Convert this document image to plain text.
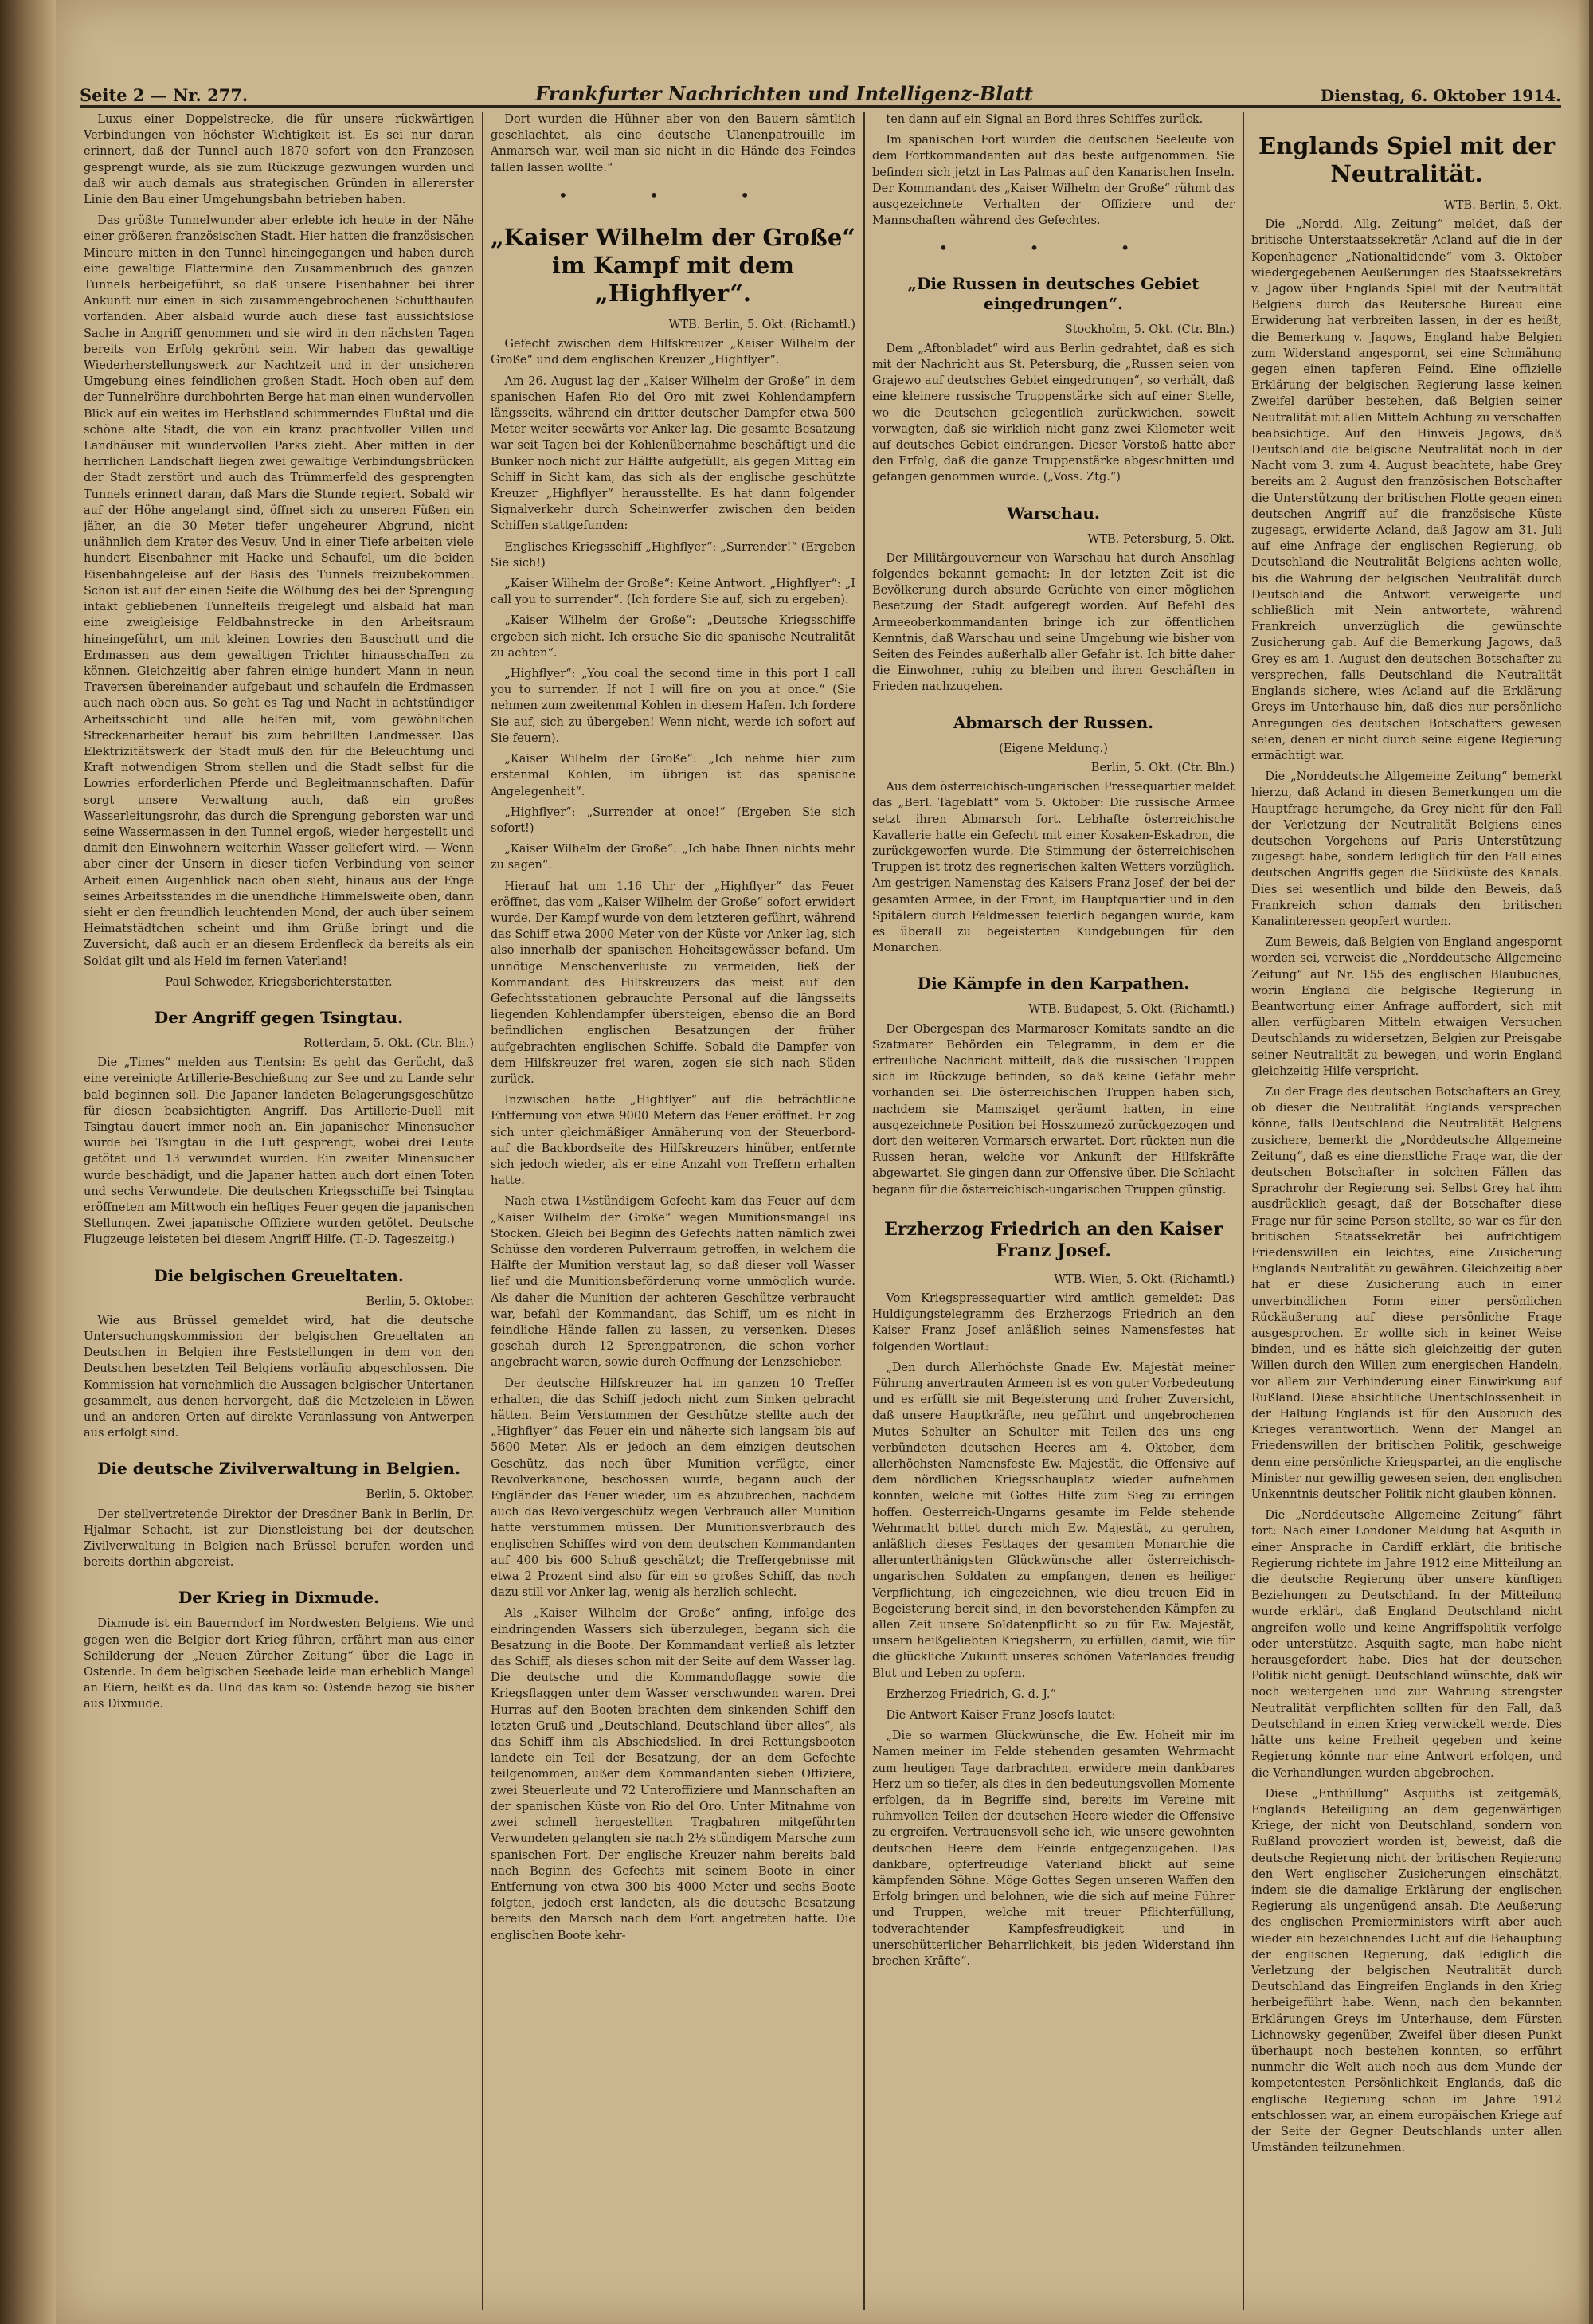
Seite 2 — Nr. 277.	Frankfurter Nachrichten und Intelligenz-Blatt	Dienstag, 6. Oktober 1914.

Luxus einer Doppelstrecke, die für unsere rückwärtigen Verbindungen von höchster Wichtigkeit ist. Es sei nur daran erinnert, daß der Tunnel auch 1870 sofort von den Franzosen gesprengt wurde, als sie zum Rückzuge gezwungen wurden und daß wir auch damals aus strategischen Gründen in allererster Linie den Bau einer Umgehungsbahn betrieben haben.

Das größte Tunnelwunder aber erlebte ich heute in der Nähe einer größeren französischen Stadt. Hier hatten die französischen Mineure mitten in den Tunnel hineingegangen und haben durch eine gewaltige Flattermine den Zusammenbruch des ganzen Tunnels herbeigeführt, so daß unsere Eisenbahner bei ihrer Ankunft nur einen in sich zusammengebrochenen Schutthaufen vorfanden. Aber alsbald wurde auch diese fast aussichtslose Sache in Angriff genommen und sie wird in den nächsten Tagen bereits von Erfolg gekrönt sein. Wir haben das gewaltige Wiederherstellungswerk zur Nachtzeit und in der unsicheren Umgebung eines feindlichen großen Stadt. Hoch oben auf dem der Tunnelröhre durchbohrten Berge hat man einen wundervollen Blick auf ein weites im Herbstland schimmerndes Flußtal und die schöne alte Stadt, die von ein kranz prachtvoller Villen und Landhäuser mit wundervollen Parks zieht. Aber mitten in der herrlichen Landschaft liegen zwei gewaltige Verbindungsbrücken der Stadt zerstört und auch das Trümmerfeld des gesprengten Tunnels erinnert daran, daß Mars die Stunde regiert. Sobald wir auf der Höhe angelangt sind, öffnet sich zu unseren Füßen ein jäher, an die 30 Meter tiefer ungeheurer Abgrund, nicht unähnlich dem Krater des Vesuv. Und in einer Tiefe arbeiten viele hundert Eisenbahner mit Hacke und Schaufel, um die beiden Eisenbahngeleise auf der Basis des Tunnels freizubekommen. Schon ist auf der einen Seite die Wölbung des bei der Sprengung intakt gebliebenen Tunnelteils freigelegt und alsbald hat man eine zweigleisige Feldbahnstrecke in den Arbeitsraum hineingeführt, um mit kleinen Lowries den Bauschutt und die Erdmassen aus dem gewaltigen Trichter hinausschaffen zu können. Gleichzeitig aber fahren einige hundert Mann in neun Traversen übereinander aufgebaut und schaufeln die Erdmassen auch nach oben aus. So geht es Tag und Nacht in achtstündiger Arbeitsschicht und alle helfen mit, vom gewöhnlichen Streckenarbeiter herauf bis zum bebrillten Landmesser. Das Elektrizitätswerk der Stadt muß den für die Beleuchtung und Kraft notwendigen Strom stellen und die Stadt selbst für die Lowries erforderlichen Pferde und Begleitmannschaften. Dafür sorgt unsere Verwaltung auch, daß ein großes Wasserleitungsrohr, das durch die Sprengung geborsten war und seine Wassermassen in den Tunnel ergoß, wieder hergestellt und damit den Einwohnern weiterhin Wasser geliefert wird. — Wenn aber einer der Unsern in dieser tiefen Verbindung von seiner Arbeit einen Augenblick nach oben sieht, hinaus aus der Enge seines Arbeitsstandes in die unendliche Himmelsweite oben, dann sieht er den freundlich leuchtenden Mond, der auch über seinem Heimatstädtchen scheint und ihm Grüße bringt und die Zuversicht, daß auch er an diesem Erdenfleck da bereits als ein Soldat gilt und als Held im fernen Vaterland!

Paul Schweder, Kriegsberichterstatter.
Der Angriff gegen Tsingtau.
Rotterdam, 5. Okt. (Ctr. Bln.)

Die „Times“ melden aus Tientsin: Es geht das Gerücht, daß eine vereinigte Artillerie-Beschießung zur See und zu Lande sehr bald beginnen soll. Die Japaner landeten Belagerungsgeschütze für diesen beabsichtigten Angriff. Das Artillerie-Duell mit Tsingtau dauert immer noch an. Ein japanischer Minensucher wurde bei Tsingtau in die Luft gesprengt, wobei drei Leute getötet und 13 verwundet wurden. Ein zweiter Minensucher wurde beschädigt, und die Japaner hatten auch dort einen Toten und sechs Verwundete. Die deutschen Kriegsschiffe bei Tsingtau eröffneten am Mittwoch ein heftiges Feuer gegen die japanischen Stellungen. Zwei japanische Offiziere wurden getötet. Deutsche Flugzeuge leisteten bei diesem Angriff Hilfe. (T.-D. Tageszeitg.)

Die belgischen Greueltaten.
Berlin, 5. Oktober.

Wie aus Brüssel gemeldet wird, hat die deutsche Untersuchungskommission der belgischen Greueltaten an Deutschen in Belgien ihre Feststellungen in dem von den Deutschen besetzten Teil Belgiens vorläufig abgeschlossen. Die Kommission hat vornehmlich die Aussagen belgischer Untertanen gesammelt, aus denen hervorgeht, daß die Metzeleien in Löwen und an anderen Orten auf direkte Veranlassung von Antwerpen aus erfolgt sind.

Die deutsche Zivilverwaltung in Belgien.
Berlin, 5. Oktober.

Der stellvertretende Direktor der Dresdner Bank in Berlin, Dr. Hjalmar Schacht, ist zur Dienstleistung bei der deutschen Zivilverwaltung in Belgien nach Brüssel berufen worden und bereits dorthin abgereist.

Der Krieg in Dixmude.

Dixmude ist ein Bauerndorf im Nordwesten Belgiens. Wie und gegen wen die Belgier dort Krieg führen, erfährt man aus einer Schilderung der „Neuen Zürcher Zeitung“ über die Lage in Ostende. In dem belgischen Seebade leide man erheblich Mangel an Eiern, heißt es da. Und das kam so: Ostende bezog sie bisher aus Dixmude.

Dort wurden die Hühner aber von den Bauern sämtlich geschlachtet, als eine deutsche Ulanenpatrouille im Anmarsch war, weil man sie nicht in die Hände des Feindes fallen lassen wollte.“

• • •
„Kaiser Wilhelm der Große“ im Kampf mit dem „Highflyer“.
WTB. Berlin, 5. Okt. (Richamtl.)

Gefecht zwischen dem Hilfskreuzer „Kaiser Wilhelm der Große“ und dem englischen Kreuzer „Highflyer“.

Am 26. August lag der „Kaiser Wilhelm der Große“ in dem spanischen Hafen Rio del Oro mit zwei Kohlendampfern längsseits, während ein dritter deutscher Dampfer etwa 500 Meter weiter seewärts vor Anker lag. Die gesamte Besatzung war seit Tagen bei der Kohlenübernahme beschäftigt und die Bunker noch nicht zur Hälfte aufgefüllt, als gegen Mittag ein Schiff in Sicht kam, das sich als der englische geschützte Kreuzer „Highflyer“ herausstellte. Es hat dann folgender Signalverkehr durch Scheinwerfer zwischen den beiden Schiffen stattgefunden:

Englisches Kriegsschiff „Highflyer“: „Surrender!“ (Ergeben Sie sich!)

„Kaiser Wilhelm der Große“: Keine Antwort. „Highflyer“: „I call you to surrender“. (Ich fordere Sie auf, sich zu ergeben).

„Kaiser Wilhelm der Große“: „Deutsche Kriegsschiffe ergeben sich nicht. Ich ersuche Sie die spanische Neutralität zu achten“.

„Highflyer“: „You coal the second time in this port I call you to surrender. If not I will fire on you at once.“ (Sie nehmen zum zweitenmal Kohlen in diesem Hafen. Ich fordere Sie auf, sich zu übergeben! Wenn nicht, werde ich sofort auf Sie feuern).

„Kaiser Wilhelm der Große“: „Ich nehme hier zum erstenmal Kohlen, im übrigen ist das spanische Angelegenheit“.

„Highflyer“: „Surrender at once!“ (Ergeben Sie sich sofort!)

„Kaiser Wilhelm der Große“: „Ich habe Ihnen nichts mehr zu sagen“.

Hierauf hat um 1.16 Uhr der „Highflyer“ das Feuer eröffnet, das vom „Kaiser Wilhelm der Große“ sofort erwidert wurde. Der Kampf wurde von dem letzteren geführt, während das Schiff etwa 2000 Meter von der Küste vor Anker lag, sich also innerhalb der spanischen Hoheitsgewässer befand. Um unnötige Menschenverluste zu vermeiden, ließ der Kommandant des Hilfskreuzers das meist auf den Gefechtsstationen gebrauchte Personal auf die längsseits liegenden Kohlendampfer übersteigen, ebenso die an Bord befindlichen englischen Besatzungen der früher aufgebrachten englischen Schiffe. Sobald die Dampfer von dem Hilfskreuzer frei waren, zogen sie sich nach Süden zurück.

Inzwischen hatte „Highflyer“ auf die beträchtliche Entfernung von etwa 9000 Metern das Feuer eröffnet. Er zog sich unter gleichmäßiger Annäherung von der Steuerbord- auf die Backbordseite des Hilfskreuzers hinüber, entfernte sich jedoch wieder, als er eine Anzahl von Treffern erhalten hatte.

Nach etwa 1½stündigem Gefecht kam das Feuer auf dem „Kaiser Wilhelm der Große“ wegen Munitionsmangel ins Stocken. Gleich bei Beginn des Gefechts hatten nämlich zwei Schüsse den vorderen Pulverraum getroffen, in welchem die Hälfte der Munition verstaut lag, so daß dieser voll Wasser lief und die Munitionsbeförderung vorne unmöglich wurde. Als daher die Munition der achteren Geschütze verbraucht war, befahl der Kommandant, das Schiff, um es nicht in feindliche Hände fallen zu lassen, zu versenken. Dieses geschah durch 12 Sprengpatronen, die schon vorher angebracht waren, sowie durch Oeffnung der Lenzschieber.

Der deutsche Hilfskreuzer hat im ganzen 10 Treffer erhalten, die das Schiff jedoch nicht zum Sinken gebracht hätten. Beim Verstummen der Geschütze stellte auch der „Highflyer“ das Feuer ein und näherte sich langsam bis auf 5600 Meter. Als er jedoch an dem einzigen deutschen Geschütz, das noch über Munition verfügte, einer Revolverkanone, beschossen wurde, begann auch der Engländer das Feuer wieder, um es abzubrechen, nachdem auch das Revolvergeschütz wegen Verbrauch aller Munition hatte verstummen müssen. Der Munitionsverbrauch des englischen Schiffes wird von dem deutschen Kommandanten auf 400 bis 600 Schuß geschätzt; die Treffergebnisse mit etwa 2 Prozent sind also für ein so großes Schiff, das noch dazu still vor Anker lag, wenig als herzlich schlecht.

Als „Kaiser Wilhelm der Große“ anfing, infolge des eindringenden Wassers sich überzulegen, begann sich die Besatzung in die Boote. Der Kommandant verließ als letzter das Schiff, als dieses schon mit der Seite auf dem Wasser lag. Die deutsche und die Kommandoflagge sowie die Kriegsflaggen unter dem Wasser verschwunden waren. Drei Hurras auf den Booten brachten dem sinkenden Schiff den letzten Gruß und „Deutschland, Deutschland über alles“, als das Schiff ihm als Abschiedslied. In drei Rettungsbooten landete ein Teil der Besatzung, der an dem Gefechte teilgenommen, außer dem Kommandanten sieben Offiziere, zwei Steuerleute und 72 Unteroffiziere und Mannschaften an der spanischen Küste von Rio del Oro. Unter Mitnahme von zwei schnell hergestellten Tragbahren mitgeführten Verwundeten gelangten sie nach 2½ stündigem Marsche zum spanischen Fort. Der englische Kreuzer nahm bereits bald nach Beginn des Gefechts mit seinem Boote in einer Entfernung von etwa 300 bis 4000 Meter und sechs Boote folgten, jedoch erst landeten, als die deutsche Besatzung bereits den Marsch nach dem Fort angetreten hatte. Die englischen Boote kehr-

ten dann auf ein Signal an Bord ihres Schiffes zurück.

Im spanischen Fort wurden die deutschen Seeleute von dem Fortkommandanten auf das beste aufgenommen. Sie befinden sich jetzt in Las Palmas auf den Kanarischen Inseln. Der Kommandant des „Kaiser Wilhelm der Große“ rühmt das ausgezeichnete Verhalten der Offiziere und der Mannschaften während des Gefechtes.

• • •
„Die Russen in deutsches Gebiet eingedrungen“.
Stockholm, 5. Okt. (Ctr. Bln.)

Dem „Aftonbladet“ wird aus Berlin gedrahtet, daß es sich mit der Nachricht aus St. Petersburg, die „Russen seien von Grajewo auf deutsches Gebiet eingedrungen“, so verhält, daß eine kleinere russische Truppenstärke sich auf einer Stelle, wo die Deutschen gelegentlich zurückwichen, soweit vorwagten, daß sie wirklich nicht ganz zwei Kilometer weit auf deutsches Gebiet eindrangen. Dieser Vorstoß hatte aber den Erfolg, daß die ganze Truppenstärke abgeschnitten und gefangen genommen wurde. („Voss. Ztg.“)

Warschau.
WTB. Petersburg, 5. Okt.

Der Militärgouverneur von Warschau hat durch Anschlag folgendes bekannt gemacht: In der letzten Zeit ist die Bevölkerung durch absurde Gerüchte von einer möglichen Besetzung der Stadt aufgeregt worden. Auf Befehl des Armeeoberkommandanten bringe ich zur öffentlichen Kenntnis, daß Warschau und seine Umgebung wie bisher von Seiten des Feindes außerhalb aller Gefahr ist. Ich bitte daher die Einwohner, ruhig zu bleiben und ihren Geschäften in Frieden nachzugehen.

Abmarsch der Russen.
(Eigene Meldung.)
Berlin, 5. Okt. (Ctr. Bln.)

Aus dem österreichisch-ungarischen Pressequartier meldet das „Berl. Tageblatt“ vom 5. Oktober: Die russische Armee setzt ihren Abmarsch fort. Lebhafte österreichische Kavallerie hatte ein Gefecht mit einer Kosaken-Eskadron, die zurückgeworfen wurde. Die Stimmung der österreichischen Truppen ist trotz des regnerischen kalten Wetters vorzüglich. Am gestrigen Namenstag des Kaisers Franz Josef, der bei der gesamten Armee, in der Front, im Hauptquartier und in den Spitälern durch Feldmessen feierlich begangen wurde, kam es überall zu begeisterten Kundgebungen für den Monarchen.

Die Kämpfe in den Karpathen.
WTB. Budapest, 5. Okt. (Richamtl.)

Der Obergespan des Marmaroser Komitats sandte an die Szatmarer Behörden ein Telegramm, in dem er die erfreuliche Nachricht mitteilt, daß die russischen Truppen sich im Rückzuge befinden, so daß keine Gefahr mehr vorhanden sei. Die österreichischen Truppen haben sich, nachdem sie Mamsziget geräumt hatten, in eine ausgezeichnete Position bei Hosszumezö zurückgezogen und dort den weiteren Vormarsch erwartet. Dort rückten nun die Russen heran, welche vor Ankunft der Hilfskräfte abgewartet. Sie gingen dann zur Offensive über. Die Schlacht begann für die österreichisch-ungarischen Truppen günstig.

Erzherzog Friedrich an den Kaiser Franz Josef.
WTB. Wien, 5. Okt. (Richamtl.)

Vom Kriegspressequartier wird amtlich gemeldet: Das Huldigungstelegramm des Erzherzogs Friedrich an den Kaiser Franz Josef anläßlich seines Namensfestes hat folgenden Wortlaut:

„Den durch Allerhöchste Gnade Ew. Majestät meiner Führung anvertrauten Armeen ist es von guter Vorbedeutung und es erfüllt sie mit Begeisterung und froher Zuversicht, daß unsere Hauptkräfte, neu geführt und ungebrochenen Mutes Schulter an Schulter mit Teilen des uns eng verbündeten deutschen Heeres am 4. Oktober, dem allerhöchsten Namensfeste Ew. Majestät, die Offensive auf dem nördlichen Kriegsschauplatz wieder aufnehmen konnten, welche mit Gottes Hilfe zum Sieg zu erringen hoffen. Oesterreich-Ungarns gesamte im Felde stehende Wehrmacht bittet durch mich Ew. Majestät, zu geruhen, anläßlich dieses Festtages der gesamten Monarchie die allerunterthänigsten Glückwünsche aller österreichisch-ungarischen Soldaten zu empfangen, denen es heiliger Verpflichtung, ich eingezeichnen, wie dieu treuen Eid in Begeisterung bereit sind, in den bevorstehenden Kämpfen zu allen Zeit unsere Soldatenpflicht so zu für Ew. Majestät, unsern heißgeliebten Kriegsherrn, zu erfüllen, damit, wie für die glückliche Zukunft unseres schönen Vaterlandes freudig Blut und Leben zu opfern.

Erzherzog Friedrich, G. d. J.“

Die Antwort Kaiser Franz Josefs lautet:

„Die so warmen Glückwünsche, die Ew. Hoheit mir im Namen meiner im Felde stehenden gesamten Wehrmacht zum heutigen Tage darbrachten, erwidere mein dankbares Herz um so tiefer, als dies in den bedeutungsvollen Momente erfolgen, da in Begriffe sind, bereits im Vereine mit ruhmvollen Teilen der deutschen Heere wieder die Offensive zu ergreifen. Vertrauensvoll sehe ich, wie unsere gewohnten deutschen Heere dem Feinde entgegenzugehen. Das dankbare, opferfreudige Vaterland blickt auf seine kämpfenden Söhne. Möge Gottes Segen unseren Waffen den Erfolg bringen und belohnen, wie die sich auf meine Führer und Truppen, welche mit treuer Pflichterfüllung, todverachtender Kampfesfreudigkeit und in unerschütterlicher Beharrlichkeit, bis jeden Widerstand ihn brechen Kräfte“.

Englands Spiel mit der Neutralität.
WTB. Berlin, 5. Okt.

Die „Nordd. Allg. Zeitung“ meldet, daß der britische Unterstaatssekretär Acland auf die in der Kopenhagener „Nationaltidende“ vom 3. Oktober wiedergegebenen Aeußerungen des Staatssekretärs v. Jagow über Englands Spiel mit der Neutralität Belgiens durch das Reutersche Bureau eine Erwiderung hat verbreiten lassen, in der es heißt, die Bemerkung v. Jagows, England habe Belgien zum Widerstand angespornt, sei eine Schmähung gegen einen tapferen Feind. Eine offizielle Erklärung der belgischen Regierung lasse keinen Zweifel darüber bestehen, daß Belgien seiner Neutralität mit allen Mitteln Achtung zu verschaffen beabsichtige. Auf den Hinweis Jagows, daß Deutschland die belgische Neutralität noch in der Nacht vom 3. zum 4. August beachtete, habe Grey bereits am 2. August den französischen Botschafter die Unterstützung der britischen Flotte gegen einen deutschen Angriff auf die französische Küste zugesagt, erwiderte Acland, daß Jagow am 31. Juli auf eine Anfrage der englischen Regierung, ob Deutschland die Neutralität Belgiens achten wolle, bis die Wahrung der belgischen Neutralität durch Deutschland die Antwort verweigerte und schließlich mit Nein antwortete, während Frankreich unverzüglich die gewünschte Zusicherung gab. Auf die Bemerkung Jagows, daß Grey es am 1. August den deutschen Botschafter zu versprechen, falls Deutschland die Neutralität Englands sichere, wies Acland auf die Erklärung Greys im Unterhause hin, daß dies nur persönliche Anregungen des deutschen Botschafters gewesen seien, denen er nicht durch seine eigene Regierung ermächtigt war.

Die „Norddeutsche Allgemeine Zeitung“ bemerkt hierzu, daß Acland in diesen Bemerkungen um die Hauptfrage herumgehe, da Grey nicht für den Fall der Verletzung der Neutralität Belgiens eines deutschen Vorgehens auf Paris Unterstützung zugesagt habe, sondern lediglich für den Fall eines deutschen Angriffs gegen die Südküste des Kanals. Dies sei wesentlich und bilde den Beweis, daß Frankreich schon damals den britischen Kanalinteressen geopfert wurden.

Zum Beweis, daß Belgien von England angespornt worden sei, verweist die „Norddeutsche Allgemeine Zeitung“ auf Nr. 155 des englischen Blaubuches, worin England die belgische Regierung in Beantwortung einer Anfrage auffordert, sich mit allen verfügbaren Mitteln etwaigen Versuchen Deutschlands zu widersetzen, Belgien zur Preisgabe seiner Neutralität zu bewegen, und worin England gleichzeitig Hilfe verspricht.

Zu der Frage des deutschen Botschafters an Grey, ob dieser die Neutralität Englands versprechen könne, falls Deutschland die Neutralität Belgiens zusichere, bemerkt die „Norddeutsche Allgemeine Zeitung“, daß es eine dienstliche Frage war, die der deutschen Botschafter in solchen Fällen das Sprachrohr der Regierung sei. Selbst Grey hat ihm ausdrücklich gesagt, daß der Botschafter diese Frage nur für seine Person stellte, so war es für den britischen Staatssekretär bei aufrichtigem Friedenswillen ein leichtes, eine Zusicherung Englands Neutralität zu gewähren. Gleichzeitig aber hat er diese Zusicherung auch in einer unverbindlichen Form einer persönlichen Rückäußerung auf diese persönliche Frage ausgesprochen. Er wollte sich in keiner Weise binden, und es hätte sich gleichzeitig der guten Willen durch den Willen zum energischen Handeln, vor allem zur Verhinderung einer Einwirkung auf Rußland. Diese absichtliche Unentschlossenheit in der Haltung Englands ist für den Ausbruch des Krieges verantwortlich. Wenn der Mangel an Friedenswillen der britischen Politik, geschweige denn eine persönliche Kriegspartei, an die englische Minister nur gewillig gewesen seien, den englischen Unkenntnis deutscher Politik nicht glauben können.

Die „Norddeutsche Allgemeine Zeitung“ fährt fort: Nach einer Londoner Meldung hat Asquith in einer Ansprache in Cardiff erklärt, die britische Regierung richtete im Jahre 1912 eine Mitteilung an die deutsche Regierung über unsere künftigen Beziehungen zu Deutschland. In der Mitteilung wurde erklärt, daß England Deutschland nicht angreifen wolle und keine Angriffspolitik verfolge oder unterstütze. Asquith sagte, man habe nicht herausgefordert habe. Dies hat der deutschen Politik nicht genügt. Deutschland wünschte, daß wir noch weitergehen und zur Wahrung strengster Neutralität verpflichten sollten für den Fall, daß Deutschland in einen Krieg verwickelt werde. Dies hätte uns keine Freiheit gegeben und keine Regierung könnte nur eine Antwort erfolgen, und die Verhandlungen wurden abgebrochen.

Diese „Enthüllung“ Asquiths ist zeitgemäß, Englands Beteiligung an dem gegenwärtigen Kriege, der nicht von Deutschland, sondern von Rußland provoziert worden ist, beweist, daß die deutsche Regierung nicht der britischen Regierung den Wert englischer Zusicherungen einschätzt, indem sie die damalige Erklärung der englischen Regierung als ungenügend ansah. Die Aeußerung des englischen Premierministers wirft aber auch wieder ein bezeichnendes Licht auf die Behauptung der englischen Regierung, daß lediglich die Verletzung der belgischen Neutralität durch Deutschland das Eingreifen Englands in den Krieg herbeigeführt habe. Wenn, nach den bekannten Erklärungen Greys im Unterhause, dem Fürsten Lichnowsky gegenüber, Zweifel über diesen Punkt überhaupt noch bestehen konnten, so erführt nunmehr die Welt auch noch aus dem Munde der kompetentesten Persönlichkeit Englands, daß die englische Regierung schon im Jahre 1912 entschlossen war, an einem europäischen Kriege auf der Seite der Gegner Deutschlands unter allen Umständen teilzunehmen.
